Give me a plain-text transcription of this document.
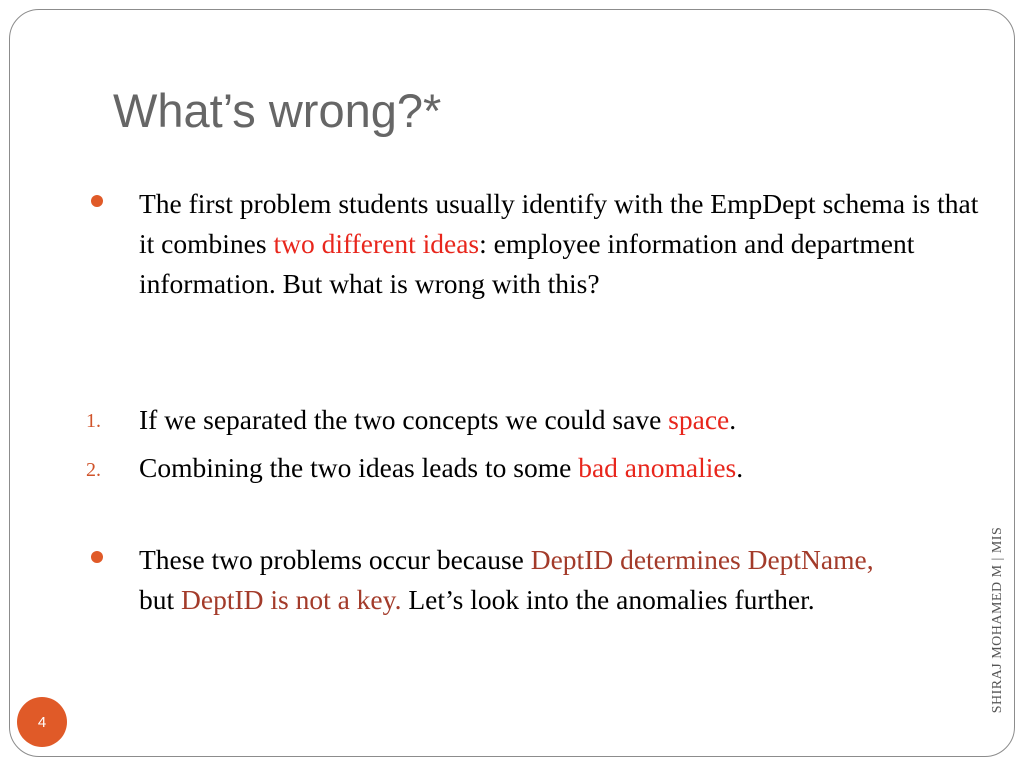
What’s wrong?*
The first problem students usually identify with the EmpDept schema is that it combines two different ideas: employee information and department information. But what is wrong with this?
1. If we separated the two concepts we could save space.
2. Combining the two ideas leads to some bad anomalies.
These two problems occur because DeptID determines DeptName, but DeptID is not a key. Let’s look into the anomalies further.	SHIRAJ MOHAMED M | MIS
4
